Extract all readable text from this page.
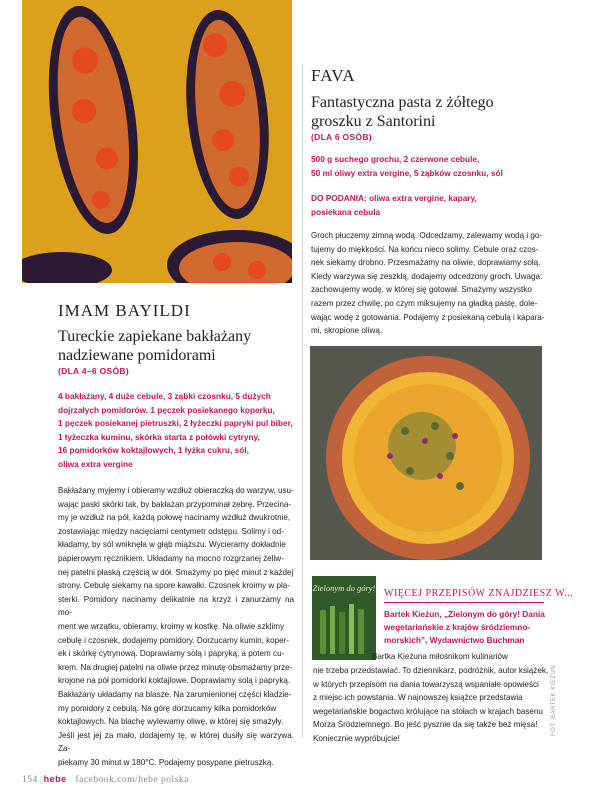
FAVA
Fantastyczna pasta z żółtego
groszku z Santorini
(DLA 6 OSÓB)
500 g suchego grochu, 2 czerwone cebule,
50 ml oliwy extra vergine, 5 ząbków czosnku, sól
DO PODANIA: oliwa extra vergine, kapary,
posiekana cebula
Groch płuczemy zimną wodą. Odcedzamy, zalewamy wodą i go-
tujemy do miękkości. Na końcu nieco solimy. Cebule oraz czos-
nek siekamy drobno. Przesmażamy na oliwie, doprawiamy solą.
Kiedy warzywa się zeszklą, dodajemy odcedzony groch. Uwaga:
zachowujemy wodę, w której się gotował. Smażymy wszystko
razem przez chwilę, po czym miksujemy na gładką pastę, dole-
wając wodę z gotowania. Podajemy z posiekaną cebulą i kapara-
mi, skropione oliwą.
IMAM BAYILDI
Tureckie zapiekane bakłażany
nadziewane pomidorami
(DLA 4–6 OSÓB)
4 bakłażany, 4 duże cebule, 3 ząbki czosnku, 5 dużych
dojrzałych pomidorów, 1 pęczek posiekanego koperku,
1 pęczek posiekanej pietruszki, 2 łyżeczki papryki pul biber,
1 łyżeczka kuminu, skórka starta z połówki cytryny,
16 pomidorków koktajlowych, 1 łyżka cukru, sól,
oliwa extra vergine
Bakłażany myjemy i obieramy wzdłuż obieraczką do warzyw, usu-
wając paski skórki tak, by bakłażan przypominał zebrę. Przecina-
my je wzdłuż na pół, każdą połowę nacinamy wzdłuż dwukrotnie,
zostawiając między nacięciami centymetr odstępu. Solimy i od-
kładamy, by sól wniknęła w głąb miąższu. Wycieramy dokładnie
papierowym ręcznikiem. Układamy na mocno rozgrzanej żeliw-
nej patelni płaską częścią w dół. Smażymy po pięć minut z każdej
strony. Cebulę siekamy na spore kawałki. Czosnek kroimy w pla-
sterki. Pomidory nacinamy delikatnie na krzyż i zanurzamy na mo-
ment we wrzątku, obieramy, kroimy w kostkę. Na oliwie szklimy
cebulę i czosnek, dodajemy pomidory. Dorzucamy kumin, koper-
ek i skórkę cytrynową. Doprawiamy solą i papryką, a potem cu-
krem. Na drugiej patelni na oliwie przez minutę obsmażamy prze-
krojone na pół pomidorki koktajlowe. Doprawiamy solą i papryką.
Bakłażany układamy na blasze. Na zarumienionej części kładzie-
my pomidory z cebulą. Na górę dorzucamy kilka pomidorków
koktajlowych. Na blachę wylewamy oliwę, w której się smażyły.
Jeśli jest jej za mało, dodajemy tę, w której dusiły się warzywa. Za-
piekamy 30 minut w 180°C. Podajemy posypane pietruszką.
Zielonym do góry! WIĘCEJ PRZEPISÓW ZNAJDZIESZ W...
Bartek Kieżun, „Zielonym do góry! Dania
wegetariańskie z krajów śródziemno-
morskich”, Wydawnictwo Buchman
Bartka Kieżuna miłośnikom kulinariów
nie trzeba przedstawiać. To dziennikarz, podróżnik, autor książek,
w których przepisom na dania towarzyszą wspaniałe opowieści
z miejsc ich powstania. W najnowszej książce przedstawia
wegetariańskie bogactwo królujące na stołach w krajach basenu
Morza Śródziemnego. Bo jeść pysznie da się także bez mięsa!
Koniecznie wypróbujcie!
FOT. BARTEK KIEŻUN
154 hebe facebook.com/hebe polska
